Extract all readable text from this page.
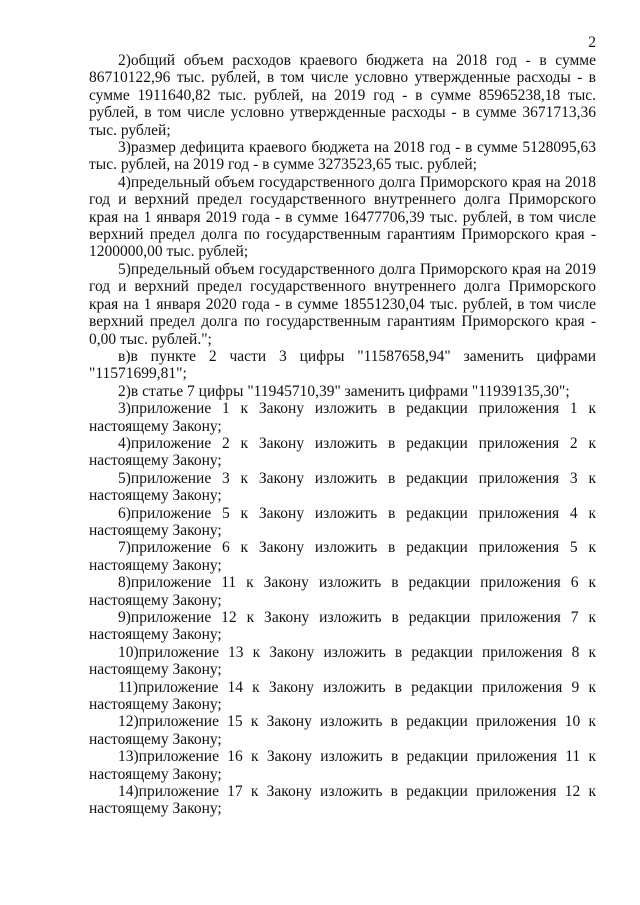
2

2)общий объем расходов краевого бюджета на 2018 год - в сумме 86710122,96 тыс. рублей, в том числе условно утвержденные расходы - в сумме 1911640,82 тыс. рублей, на 2019 год - в сумме 85965238,18 тыс. рублей, в том числе условно утвержденные расходы - в сумме 3671713,36 тыс. рублей;

3)размер дефицита краевого бюджета на 2018 год - в сумме 5128095,63 тыс. рублей, на 2019 год - в сумме 3273523,65 тыс. рублей;

4)предельный объем государственного долга Приморского края на 2018 год и верхний предел государственного внутреннего долга Приморского края на 1 января 2019 года - в сумме 16477706,39 тыс. рублей, в том числе верхний предел долга по государственным гарантиям Приморского края - 1200000,00 тыс. рублей;

5)предельный объем государственного долга Приморского края на 2019 год и верхний предел государственного внутреннего долга Приморского края на 1 января 2020 года - в сумме 18551230,04 тыс. рублей, в том числе верхний предел долга по государственным гарантиям Приморского края - 0,00 тыс. рублей.";

в)в пункте 2 части 3 цифры "11587658,94" заменить цифрами "11571699,81";

2)в статье 7 цифры "11945710,39" заменить цифрами "11939135,30";

3)приложение 1 к Закону изложить в редакции приложения 1 к настоящему Закону;

4)приложение 2 к Закону изложить в редакции приложения 2 к настоящему Закону;

5)приложение 3 к Закону изложить в редакции приложения 3 к настоящему Закону;

6)приложение 5 к Закону изложить в редакции приложения 4 к настоящему Закону;

7)приложение 6 к Закону изложить в редакции приложения 5 к настоящему Закону;

8)приложение 11 к Закону изложить в редакции приложения 6 к настоящему Закону;

9)приложение 12 к Закону изложить в редакции приложения 7 к настоящему Закону;

10)приложение 13 к Закону изложить в редакции приложения 8 к настоящему Закону;

11)приложение 14 к Закону изложить в редакции приложения 9 к настоящему Закону;

12)приложение 15 к Закону изложить в редакции приложения 10 к настоящему Закону;

13)приложение 16 к Закону изложить в редакции приложения 11 к настоящему Закону;

14)приложение 17 к Закону изложить в редакции приложения 12 к настоящему Закону;
